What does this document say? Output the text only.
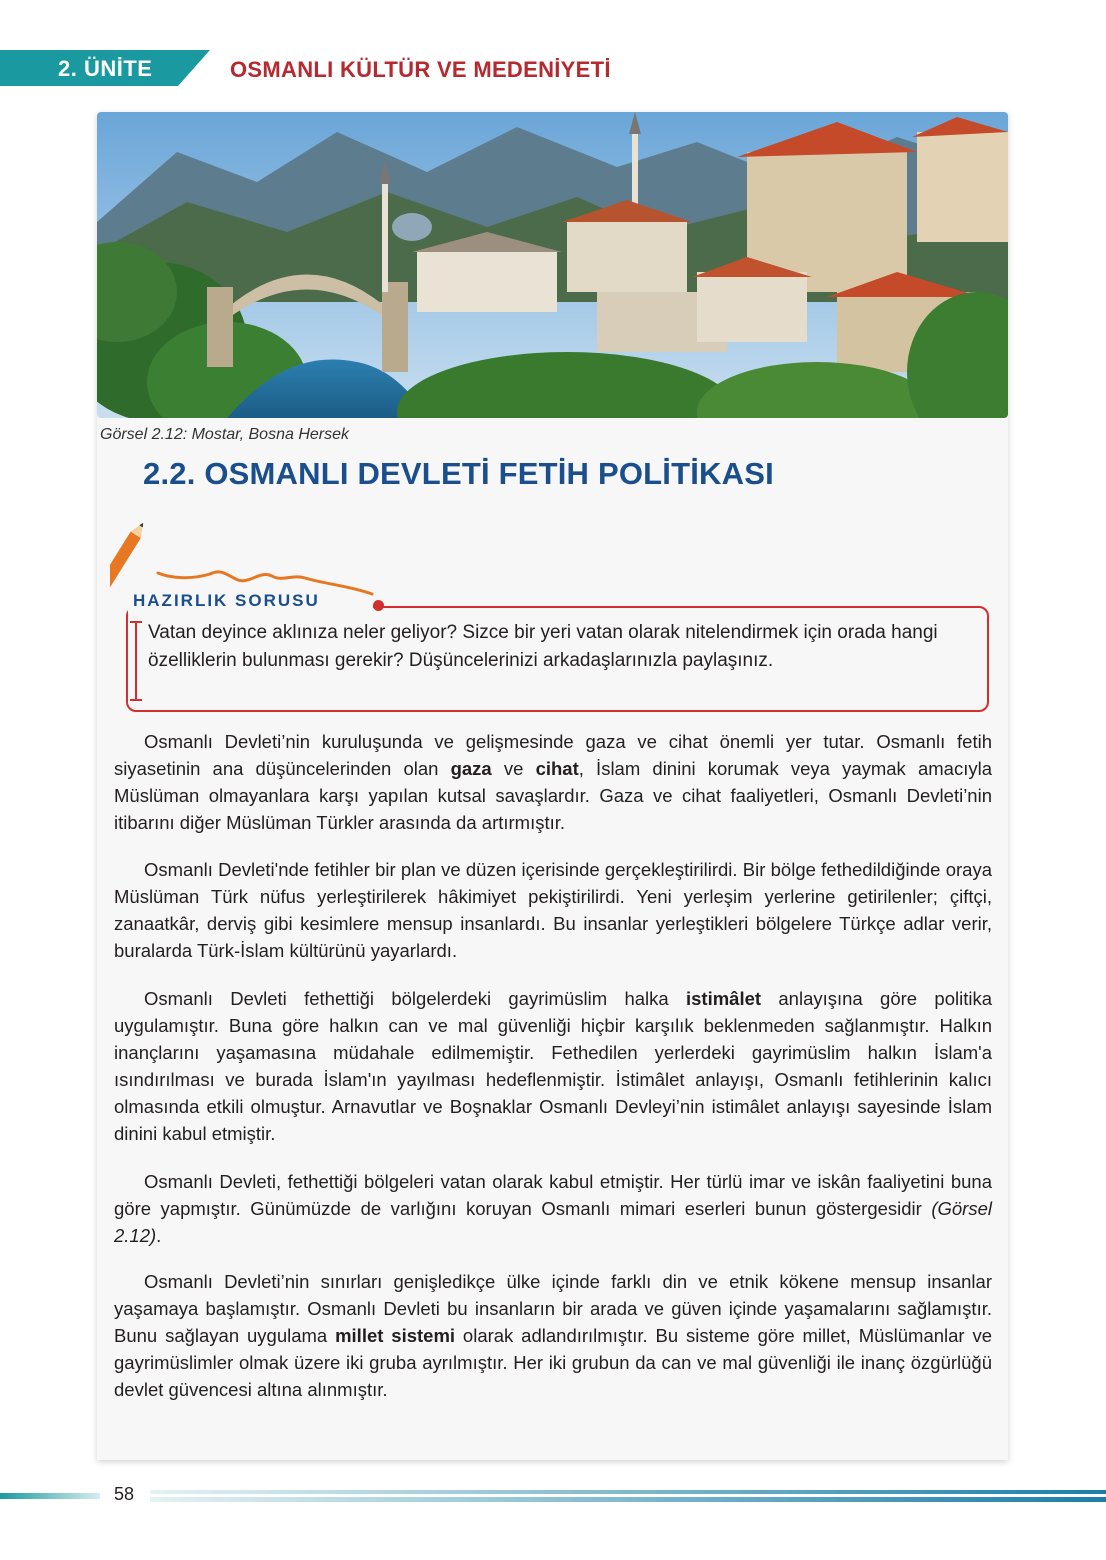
2. ÜNİTE	OSMANLI KÜLTÜR VE MEDENİYETİ
Görsel 2.12: Mostar, Bosna Hersek
2.2. OSMANLI DEVLETİ FETİH POLİTİKASI
HAZIRLIK SORUSU
Vatan deyince aklınıza neler geliyor? Sizce bir yeri vatan olarak nitelendirmek için orada hangi özelliklerin bulunması gerekir? Düşüncelerinizi arkadaşlarınızla paylaşınız.

Osmanlı Devleti’nin kuruluşunda ve gelişmesinde gaza ve cihat önemli yer tutar. Osmanlı fetih siyasetinin ana düşüncelerinden olan gaza ve cihat, İslam dinini korumak veya yaymak amacıyla Müslüman olmayanlara karşı yapılan kutsal savaşlardır. Gaza ve cihat faaliyetleri, Osmanlı Devleti’nin itibarını diğer Müslüman Türkler arasında da artırmıştır.

Osmanlı Devleti'nde fetihler bir plan ve düzen içerisinde gerçekleştirilirdi. Bir bölge fethedildiğinde oraya Müslüman Türk nüfus yerleştirilerek hâkimiyet pekiştirilirdi. Yeni yerleşim yerlerine getirilenler; çiftçi, zanaatkâr, derviş gibi kesimlere mensup insanlardı. Bu insanlar yerleştikleri bölgelere Türkçe adlar verir, buralarda Türk-İslam kültürünü yayarlardı.

Osmanlı Devleti fethettiği bölgelerdeki gayrimüslim halka istimâlet anlayışına göre politika uygulamıştır. Buna göre halkın can ve mal güvenliği hiçbir karşılık beklenmeden sağlanmıştır. Halkın inançlarını yaşamasına müdahale edilmemiştir. Fethedilen yerlerdeki gayrimüslim halkın İslam'a ısındırılması ve burada İslam'ın yayılması hedeflenmiştir. İstimâlet anlayışı, Osmanlı fetihlerinin kalıcı olmasında etkili olmuştur. Arnavutlar ve Boşnaklar Osmanlı Devleyi’nin istimâlet anlayışı sayesinde İslam dinini kabul etmiştir.

Osmanlı Devleti, fethettiği bölgeleri vatan olarak kabul etmiştir. Her türlü imar ve iskân faaliyetini buna göre yapmıştır. Günümüzde de varlığını koruyan Osmanlı mimari eserleri bunun göstergesidir (Görsel 2.12).

Osmanlı Devleti’nin sınırları genişledikçe ülke içinde farklı din ve etnik kökene mensup insanlar yaşamaya başlamıştır. Osmanlı Devleti bu insanların bir arada ve güven içinde yaşamalarını sağlamıştır. Bunu sağlayan uygulama millet sistemi olarak adlandırılmıştır. Bu sisteme göre millet, Müslümanlar ve gayrimüslimler olmak üzere iki gruba ayrılmıştır. Her iki grubun da can ve mal güvenliği ile inanç özgürlüğü devlet güvencesi altına alınmıştır.

58
